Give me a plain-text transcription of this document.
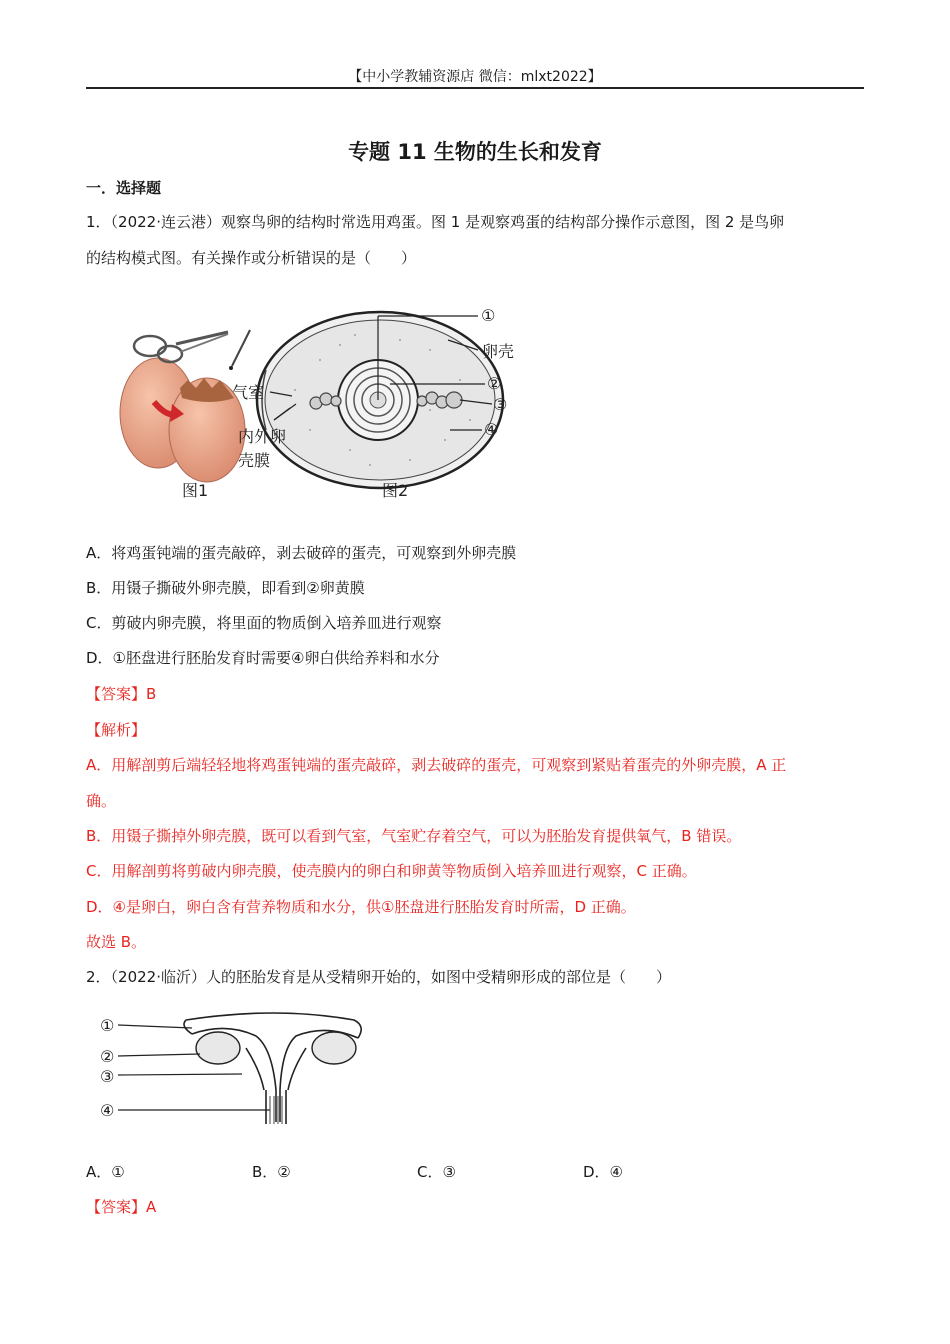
【中小学教辅资源店 微信：mlxt2022】
专题 11 生物的生长和发育
一．选择题
1．（2022·连云港）观察鸟卵的结构时常选用鸡蛋。图 1 是观察鸡蛋的结构部分操作示意图，图 2 是鸟卵
的结构模式图。有关操作或分析错误的是（　　）
图1
①
卵壳
②
③
④
气室
内外卵
壳膜
图2
A．将鸡蛋钝端的蛋壳敲碎，剥去破碎的蛋壳，可观察到外卵壳膜
B．用镊子撕破外卵壳膜，即看到②卵黄膜
C．剪破内卵壳膜，将里面的物质倒入培养皿进行观察
D．①胚盘进行胚胎发育时需要④卵白供给养料和水分
【答案】B
【解析】
A．用解剖剪后端轻轻地将鸡蛋钝端的蛋壳敲碎，剥去破碎的蛋壳，可观察到紧贴着蛋壳的外卵壳膜，A 正
确。
B．用镊子撕掉外卵壳膜，既可以看到气室，气室贮存着空气，可以为胚胎发育提供氧气，B 错误。
C．用解剖剪将剪破内卵壳膜，使壳膜内的卵白和卵黄等物质倒入培养皿进行观察，C 正确。
D．④是卵白，卵白含有营养物质和水分，供①胚盘进行胚胎发育时所需，D 正确。
故选 B。
2．（2022·临沂）人的胚胎发育是从受精卵开始的，如图中受精卵形成的部位是（　　）
①
②
③
④
A．①	B．②	C．③	D．④
【答案】A
